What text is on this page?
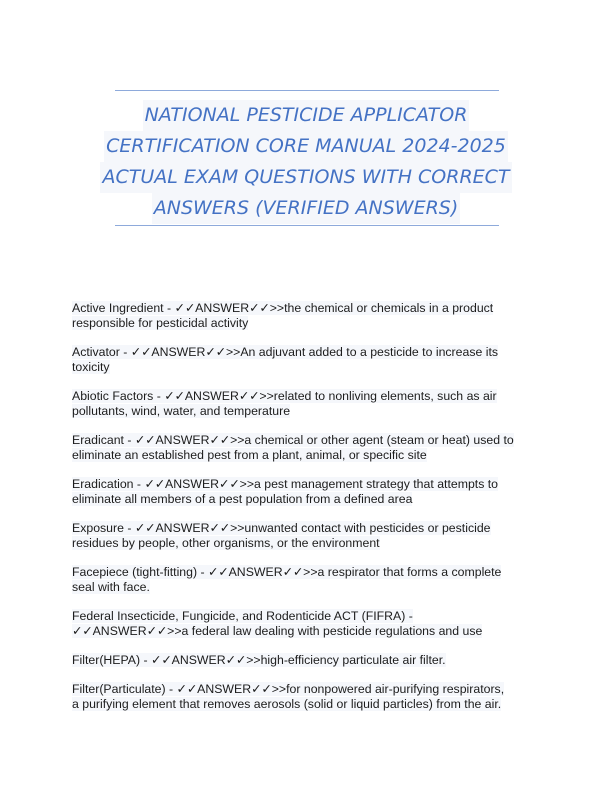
NATIONAL PESTICIDE APPLICATOR
CERTIFICATION CORE MANUAL 2024-2025
ACTUAL EXAM QUESTIONS WITH CORRECT
ANSWERS (VERIFIED ANSWERS)
Active Ingredient - ✓✓ANSWER✓✓>>the chemical or chemicals in a product
responsible for pesticidal activity
Activator - ✓✓ANSWER✓✓>>An adjuvant added to a pesticide to increase its
toxicity
Abiotic Factors - ✓✓ANSWER✓✓>>related to nonliving elements, such as air
pollutants, wind, water, and temperature
Eradicant - ✓✓ANSWER✓✓>>a chemical or other agent (steam or heat) used to
eliminate an established pest from a plant, animal, or specific site
Eradication - ✓✓ANSWER✓✓>>a pest management strategy that attempts to
eliminate all members of a pest population from a defined area
Exposure - ✓✓ANSWER✓✓>>unwanted contact with pesticides or pesticide
residues by people, other organisms, or the environment
Facepiece (tight-fitting) - ✓✓ANSWER✓✓>>a respirator that forms a complete
seal with face.
Federal Insecticide, Fungicide, and Rodenticide ACT (FIFRA) -
✓✓ANSWER✓✓>>a federal law dealing with pesticide regulations and use
Filter(HEPA) - ✓✓ANSWER✓✓>>high-efficiency particulate air filter.
Filter(Particulate) - ✓✓ANSWER✓✓>>for nonpowered air-purifying respirators,
a purifying element that removes aerosols (solid or liquid particles) from the air.
